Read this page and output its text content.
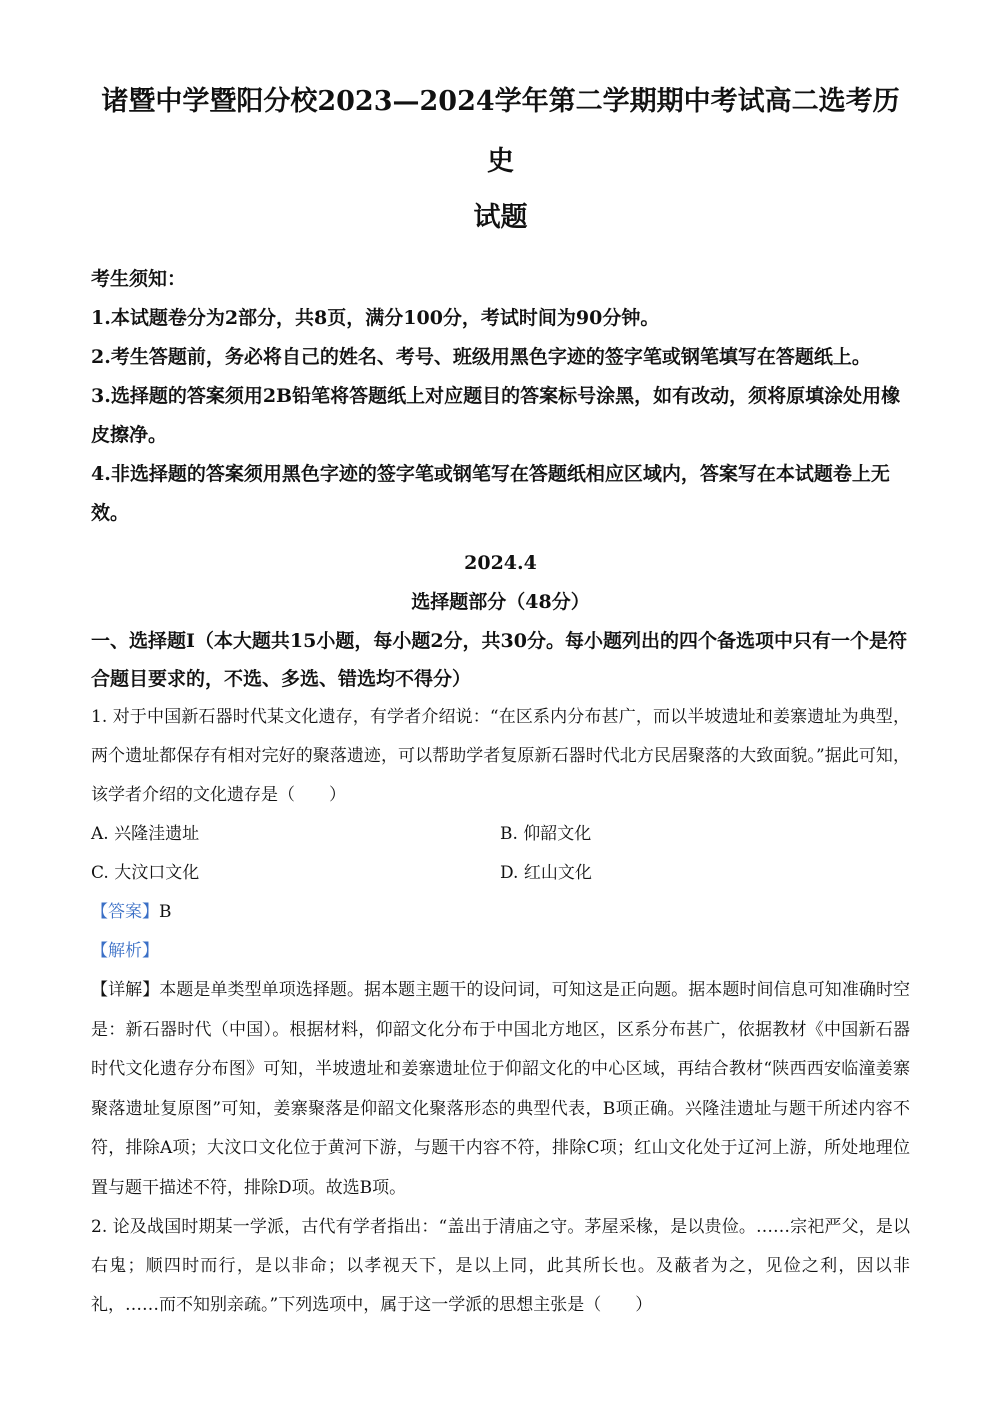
诸暨中学暨阳分校2023—2024学年第二学期期中考试高二选考历史
试题

考生须知：

1.本试题卷分为2部分，共8页，满分100分，考试时间为90分钟。

2.考生答题前，务必将自己的姓名、考号、班级用黑色字迹的签字笔或钢笔填写在答题纸上。

3.选择题的答案须用2B铅笔将答题纸上对应题目的答案标号涂黑，如有改动，须将原填涂处用橡皮擦净。

4.非选择题的答案须用黑色字迹的签字笔或钢笔写在答题纸相应区域内，答案写在本试题卷上无效。

2024.4
选择题部分（48分）

一、选择题Ⅰ（本大题共15小题，每小题2分，共30分。每小题列出的四个备选项中只有一个是符合题目要求的，不选、多选、错选均不得分）

1. 对于中国新石器时代某文化遗存，有学者介绍说：“在区系内分布甚广，而以半坡遗址和姜寨遗址为典型，两个遗址都保存有相对完好的聚落遗迹，可以帮助学者复原新石器时代北方民居聚落的大致面貌。”据此可知，该学者介绍的文化遗存是（　　）

A. 兴隆洼遗址	B. 仰韶文化
C. 大汶口文化	D. 红山文化

【答案】B

【解析】

【详解】本题是单类型单项选择题。据本题主题干的设问词，可知这是正向题。据本题时间信息可知准确时空是：新石器时代（中国）。根据材料，仰韶文化分布于中国北方地区，区系分布甚广，依据教材《中国新石器时代文化遗存分布图》可知，半坡遗址和姜寨遗址位于仰韶文化的中心区域，再结合教材“陕西西安临潼姜寨聚落遗址复原图”可知，姜寨聚落是仰韶文化聚落形态的典型代表，B项正确。兴隆洼遗址与题干所述内容不符，排除A项；大汶口文化位于黄河下游，与题干内容不符，排除C项；红山文化处于辽河上游，所处地理位置与题干描述不符，排除D项。故选B项。

2. 论及战国时期某一学派，古代有学者指出：“盖出于清庙之守。茅屋采椽，是以贵俭。……宗祀严父，是以右鬼；顺四时而行，是以非命；以孝视天下，是以上同，此其所长也。及蔽者为之，见俭之利，因以非礼，……而不知别亲疏。”下列选项中，属于这一学派的思想主张是（　　）
